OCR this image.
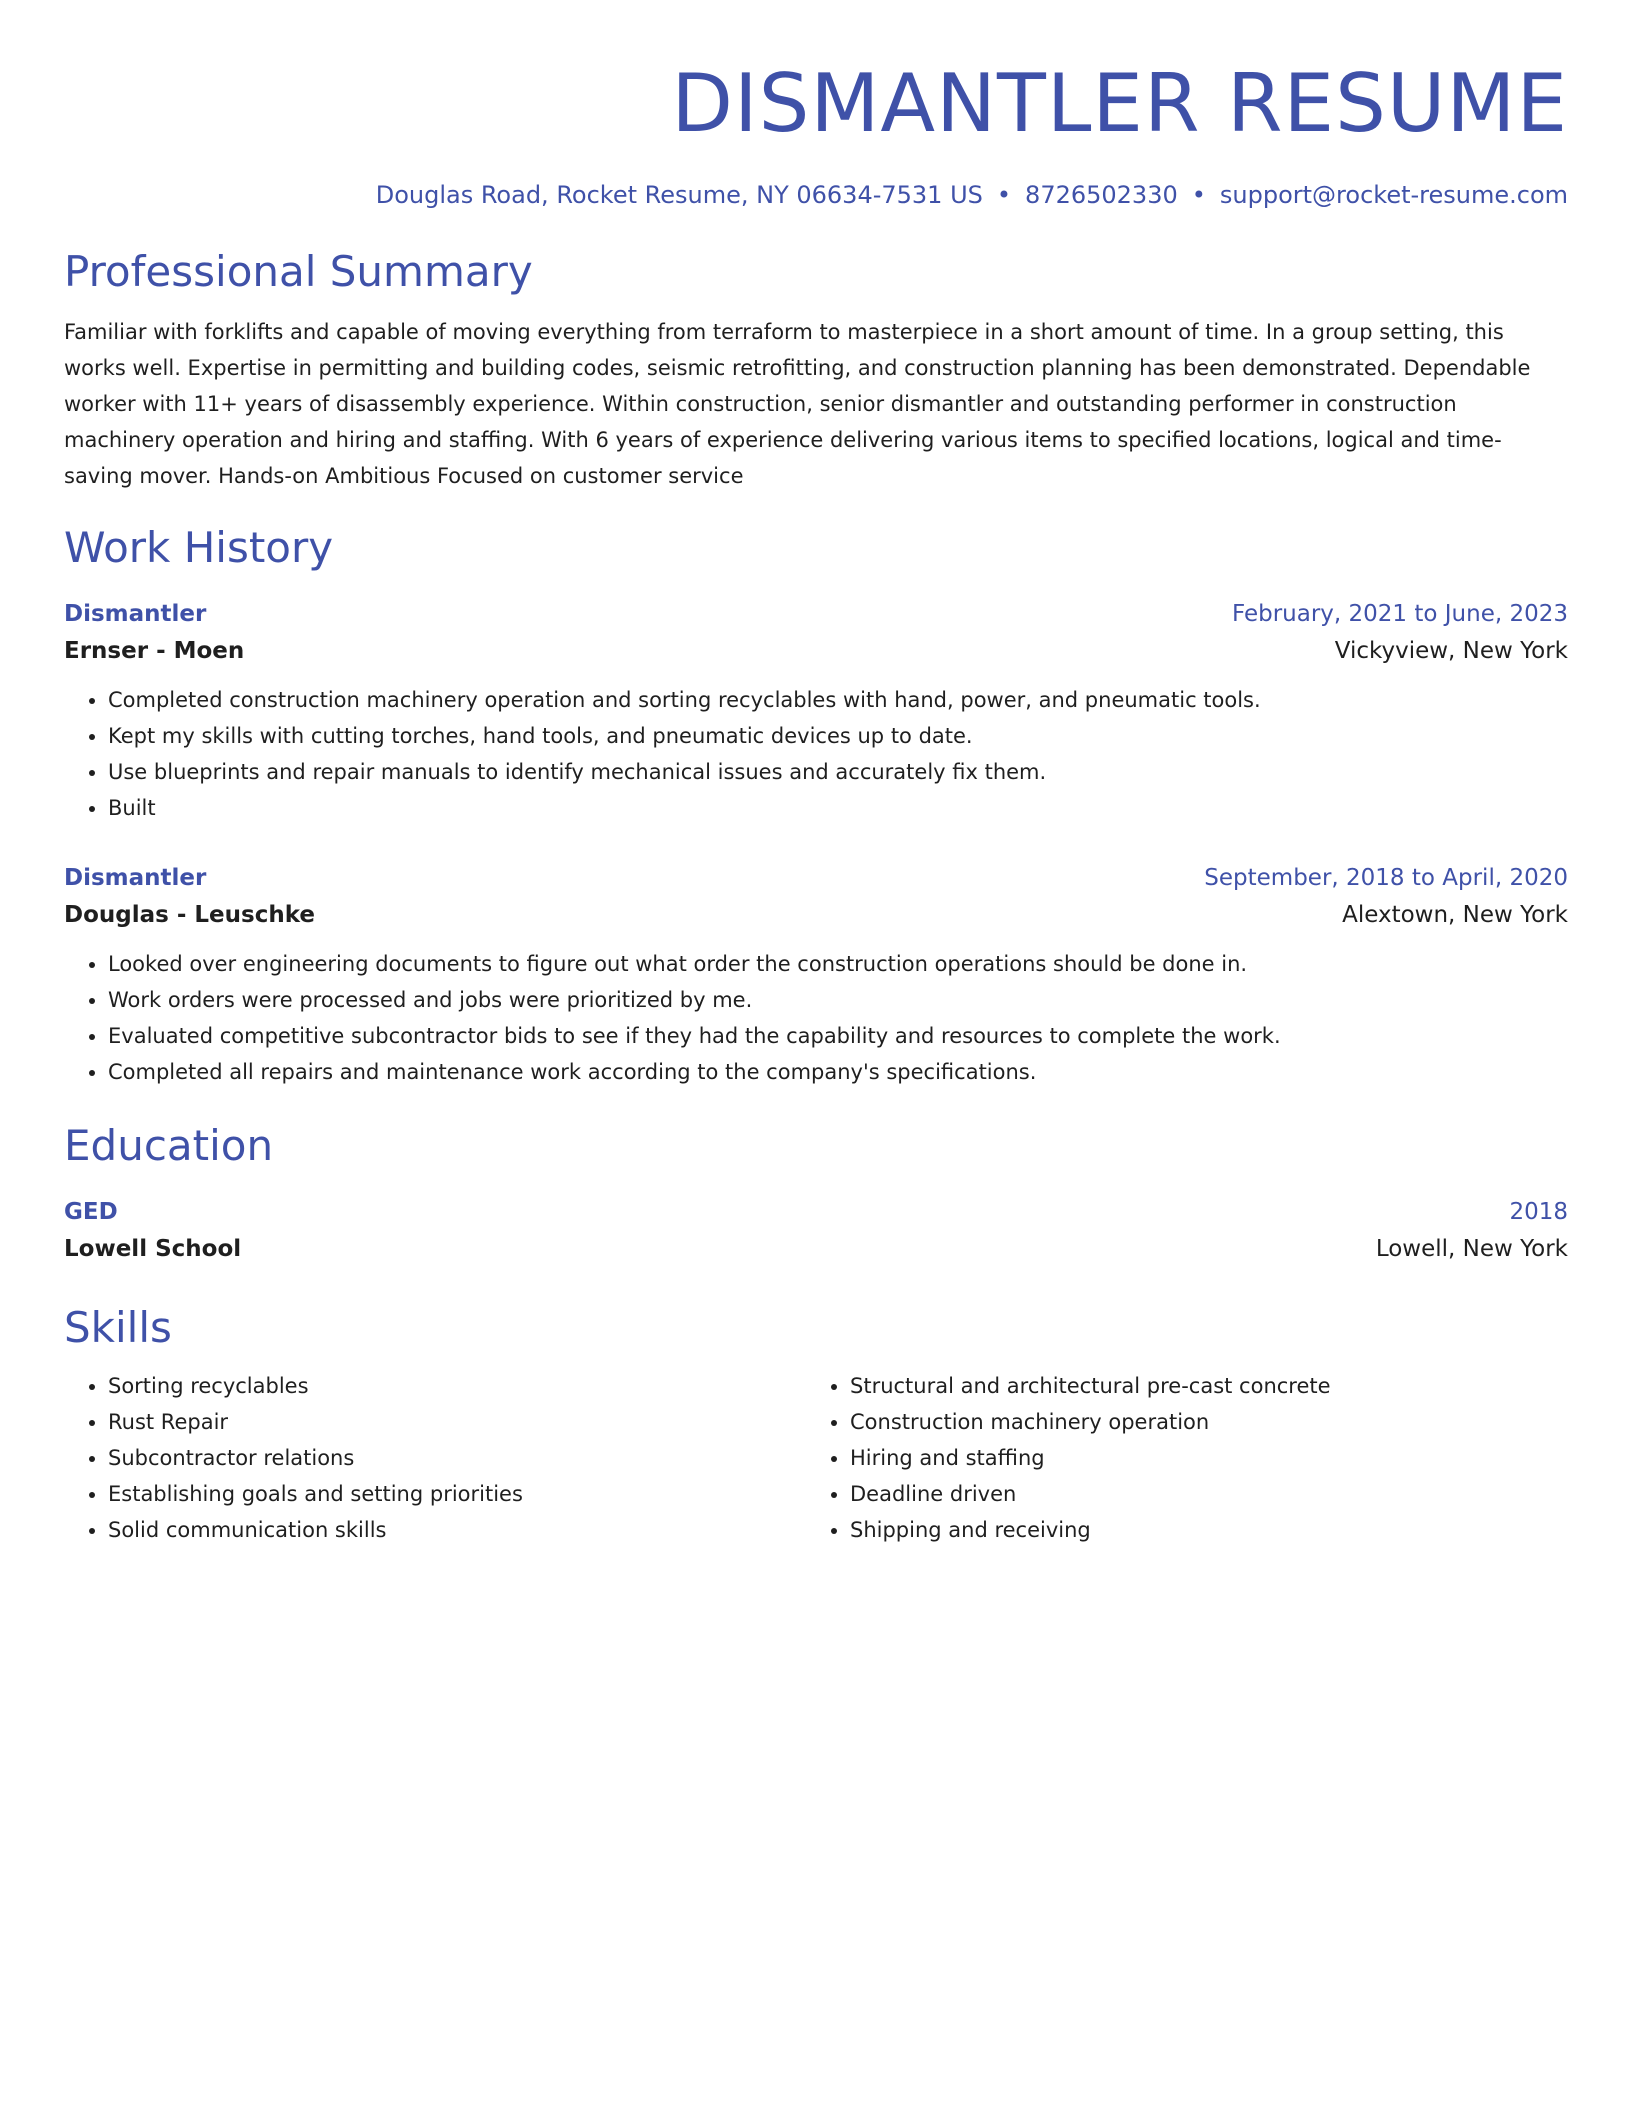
DISMANTLER RESUME
Douglas Road, Rocket Resume, NY 06634-7531 US • 8726502330 • support@rocket-resume.com
Professional Summary
Familiar with forklifts and capable of moving everything from terraform to masterpiece in a short amount of time. In a group setting, this works well. Expertise in permitting and building codes, seismic retrofitting, and construction planning has been demonstrated. Dependable worker with 11+ years of disassembly experience. Within construction, senior dismantler and outstanding performer in construction machinery operation and hiring and staffing. With 6 years of experience delivering various items to specified locations, logical and time-saving mover. Hands-on Ambitious Focused on customer service
Work History
Dismantler	February, 2021 to June, 2023
Ernser - Moen	Vickyview, New York
• Completed construction machinery operation and sorting recyclables with hand, power, and pneumatic tools.
• Kept my skills with cutting torches, hand tools, and pneumatic devices up to date.
• Use blueprints and repair manuals to identify mechanical issues and accurately fix them.
• Built
Dismantler	September, 2018 to April, 2020
Douglas - Leuschke	Alextown, New York
• Looked over engineering documents to figure out what order the construction operations should be done in.
• Work orders were processed and jobs were prioritized by me.
• Evaluated competitive subcontractor bids to see if they had the capability and resources to complete the work.
• Completed all repairs and maintenance work according to the company's specifications.
Education
GED	2018
Lowell School	Lowell, New York
Skills
• Sorting recyclables
• Rust Repair
• Subcontractor relations
• Establishing goals and setting priorities
• Solid communication skills
• Structural and architectural pre-cast concrete
• Construction machinery operation
• Hiring and staffing
• Deadline driven
• Shipping and receiving
